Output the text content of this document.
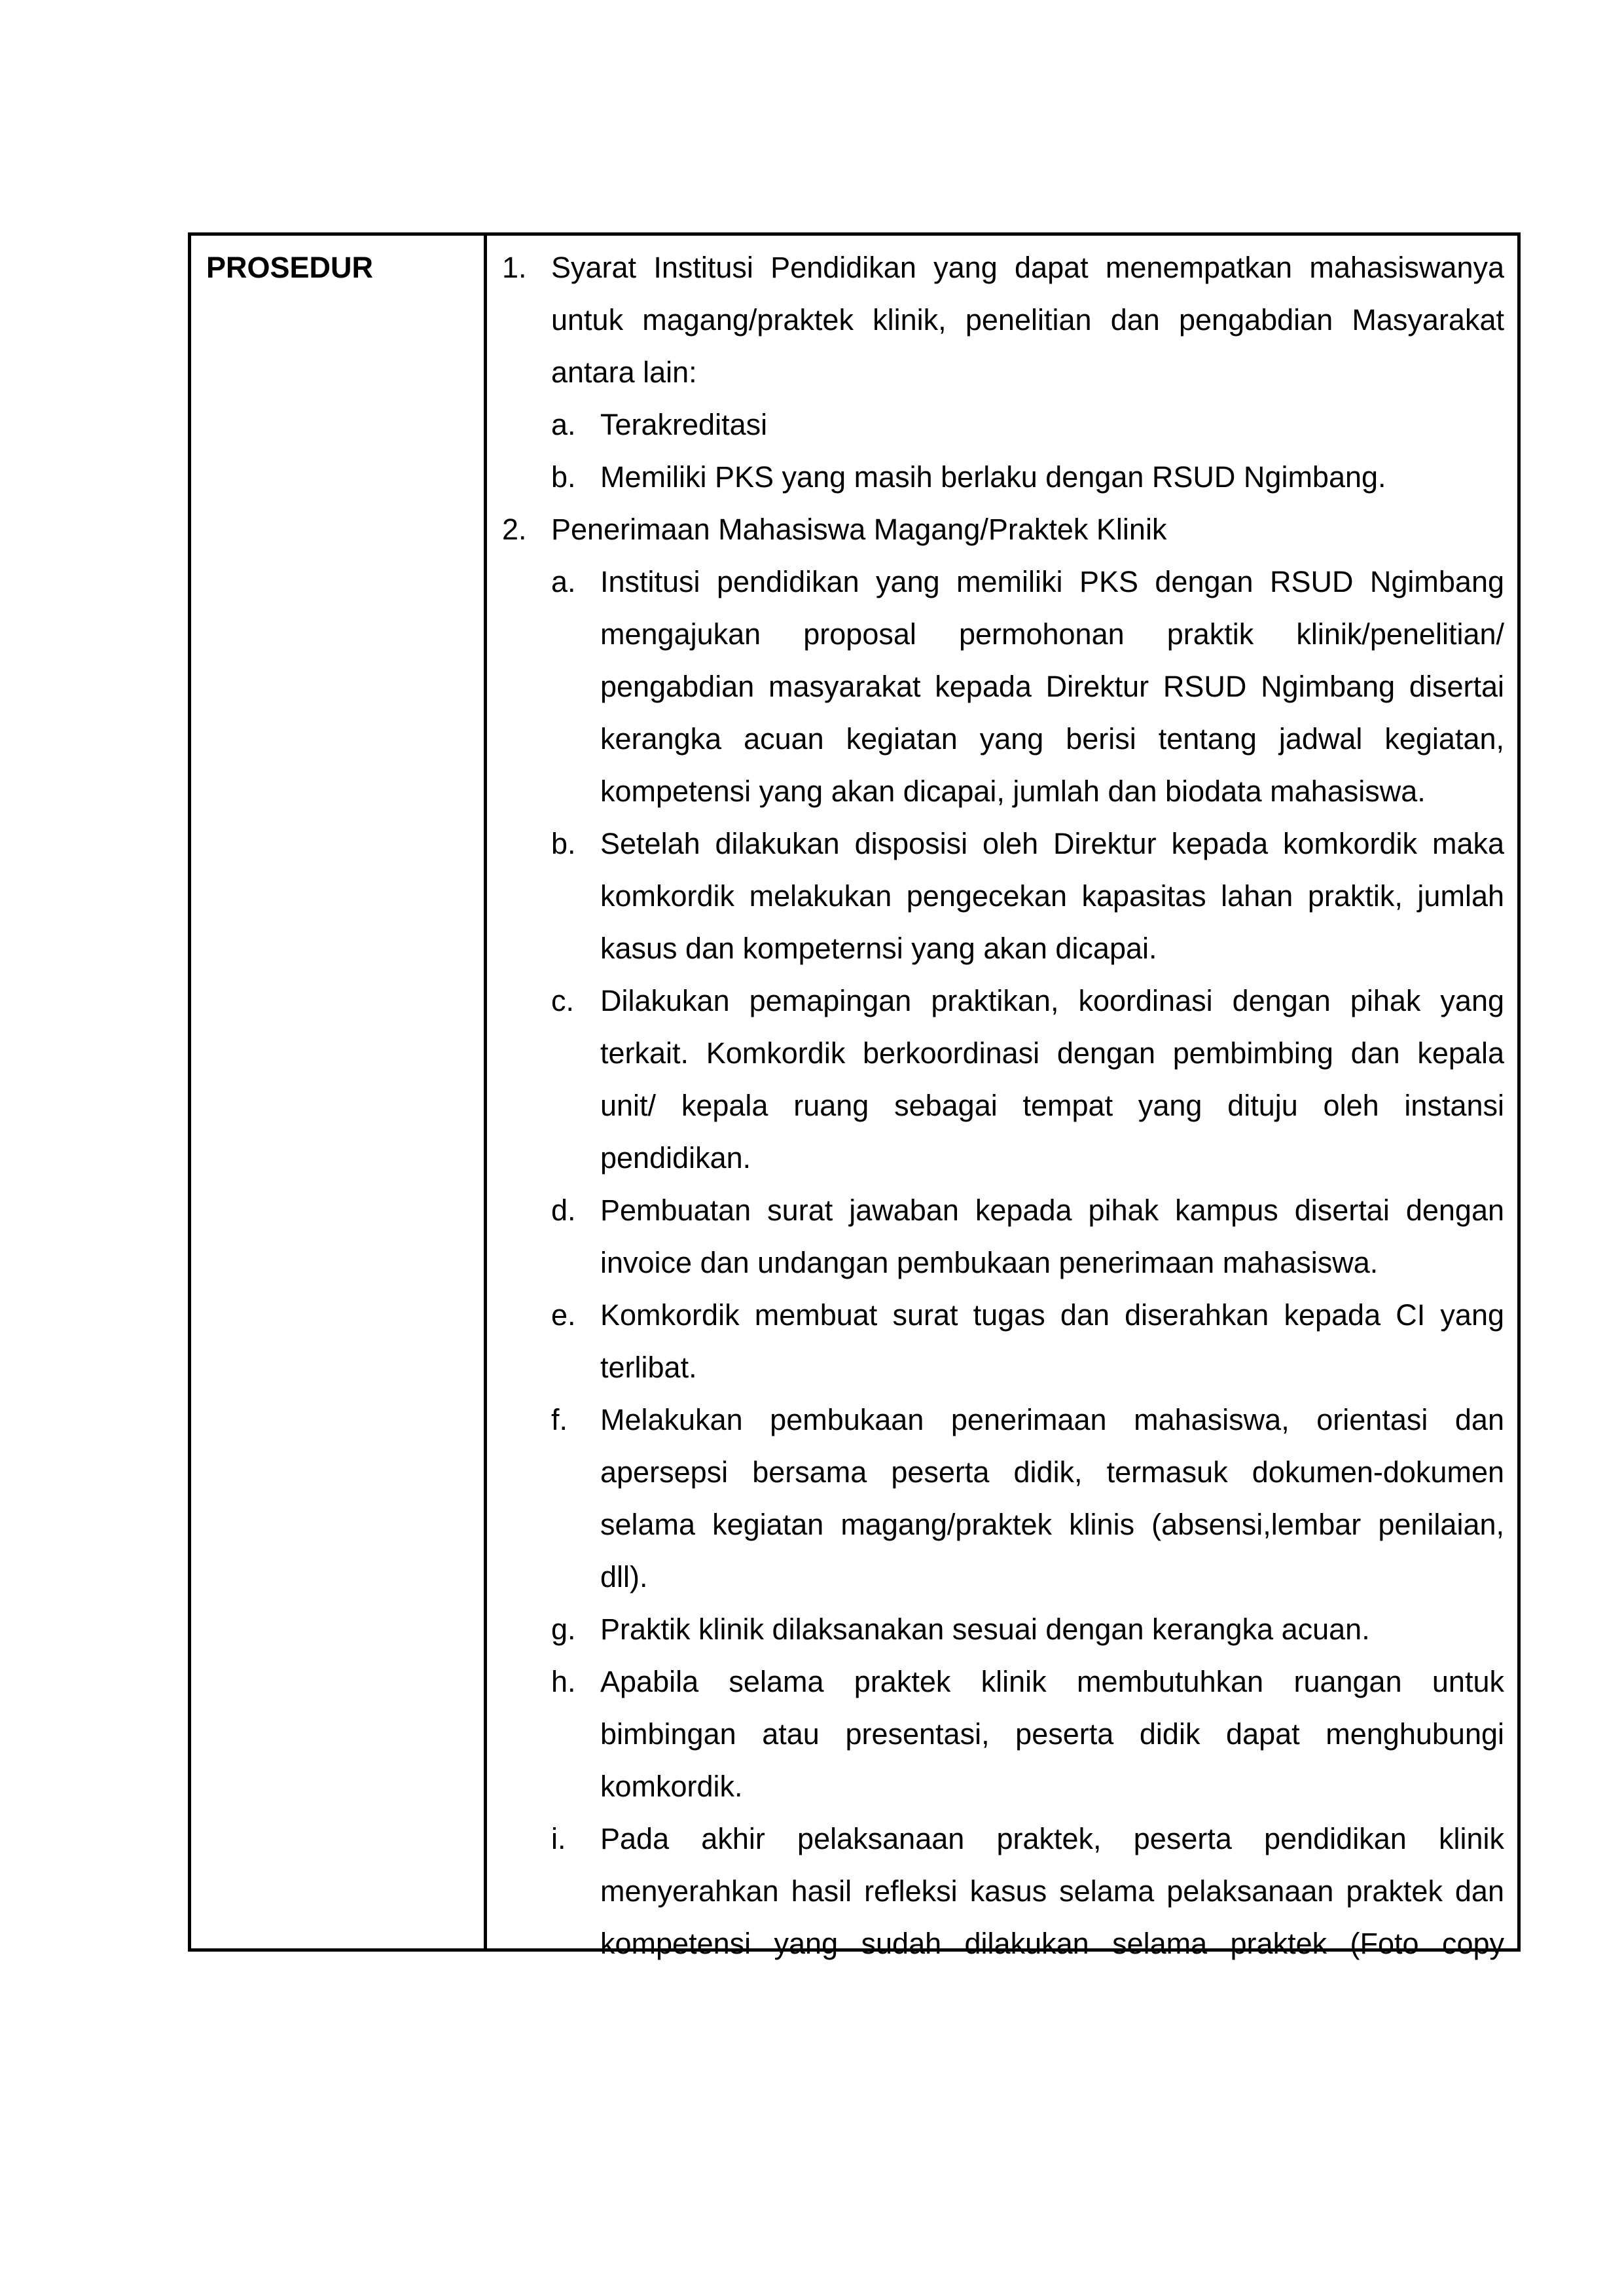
PROSEDUR	1. Syarat Institusi Pendidikan yang dapat menempatkan mahasiswanya
untuk magang/praktek klinik, penelitian dan pengabdian Masyarakat
antara lain:
a. Terakreditasi
b. Memiliki PKS yang masih berlaku dengan RSUD Ngimbang.
2. Penerimaan Mahasiswa Magang/Praktek Klinik
a. Institusi pendidikan yang memiliki PKS dengan RSUD Ngimbang
mengajukan proposal permohonan praktik klinik/penelitian/
pengabdian masyarakat kepada Direktur RSUD Ngimbang disertai
kerangka acuan kegiatan yang berisi tentang jadwal kegiatan,
kompetensi yang akan dicapai, jumlah dan biodata mahasiswa.
b. Setelah dilakukan disposisi oleh Direktur kepada komkordik maka
komkordik melakukan pengecekan kapasitas lahan praktik, jumlah
kasus dan kompeternsi yang akan dicapai.
c. Dilakukan pemapingan praktikan, koordinasi dengan pihak yang
terkait. Komkordik berkoordinasi dengan pembimbing dan kepala
unit/ kepala ruang sebagai tempat yang dituju oleh instansi
pendidikan.
d. Pembuatan surat jawaban kepada pihak kampus disertai dengan
invoice dan undangan pembukaan penerimaan mahasiswa.
e. Komkordik membuat surat tugas dan diserahkan kepada CI yang
terlibat.
f. Melakukan pembukaan penerimaan mahasiswa, orientasi dan
apersepsi bersama peserta didik, termasuk dokumen-dokumen
selama kegiatan magang/praktek klinis (absensi,lembar penilaian,
dll).
g. Praktik klinik dilaksanakan sesuai dengan kerangka acuan.
h. Apabila selama praktek klinik membutuhkan ruangan untuk
bimbingan atau presentasi, peserta didik dapat menghubungi
komkordik.
i. Pada akhir pelaksanaan praktek, peserta pendidikan klinik
menyerahkan hasil refleksi kasus selama pelaksanaan praktek dan
kompetensi yang sudah dilakukan selama praktek (Foto copy
